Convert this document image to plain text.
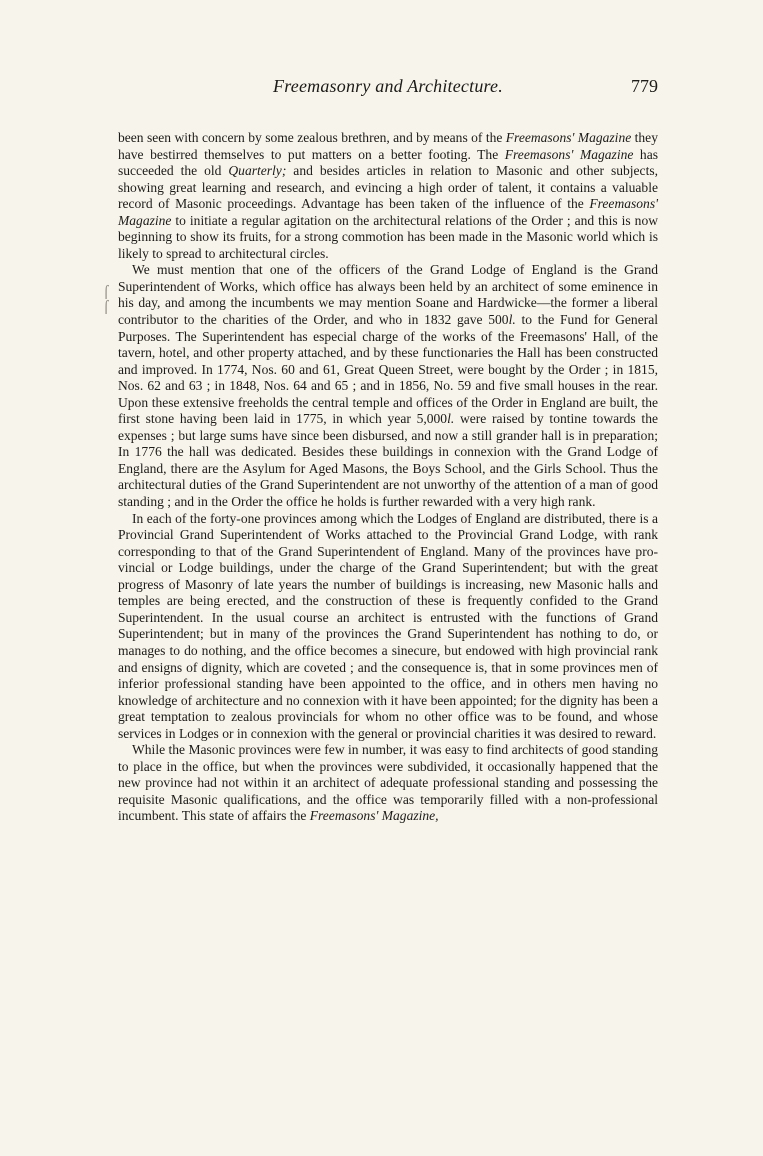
Freemasonry and Architecture.	779
⌠
⌠

been seen with concern by some zealous brethren, and by means of the Freemasons' Magazine they have bestirred themselves to put matters on a better footing. The Freemasons' Magazine has succeeded the old Quarterly; and besides articles in relation to Masonic and other subjects, showing great learning and research, and evincing a high order of talent, it contains a valuable record of Masonic proceedings. Advantage has been taken of the influence of the Freemasons' Magazine to initiate a regular agitation on the architectural relations of the Order ; and this is now beginning to show its fruits, for a strong commotion has been made in the Masonic world which is likely to spread to architectural circles.

We must mention that one of the officers of the Grand Lodge of England is the Grand Superintendent of Works, which office has always been held by an architect of some eminence in his day, and among the incumbents we may mention Soane and Hardwicke—the former a liberal contributor to the charities of the Order, and who in 1832 gave 500l. to the Fund for General Purposes. The Superintendent has especial charge of the works of the Freemasons' Hall, of the tavern, hotel, and other property attached, and by these functionaries the Hall has been constructed and improved. In 1774, Nos. 60 and 61, Great Queen Street, were bought by the Order ; in 1815, Nos. 62 and 63 ; in 1848, Nos. 64 and 65 ; and in 1856, No. 59 and five small houses in the rear. Upon these extensive freeholds the central temple and offices of the Order in England are built, the first stone having been laid in 1775, in which year 5,000l. were raised by tontine towards the expenses ; but large sums have since been disbursed, and now a still grander hall is in preparation; In 1776 the hall was dedicated. Besides these buildings in connexion with the Grand Lodge of England, there are the Asylum for Aged Masons, the Boys School, and the Girls School. Thus the architectural duties of the Grand Superintendent are not unworthy of the attention of a man of good standing ; and in the Order the office he holds is further rewarded with a very high rank.

In each of the forty-one provinces among which the Lodges of England are distributed, there is a Provincial Grand Superintendent of Works attached to the Provincial Grand Lodge, with rank corresponding to that of the Grand Superintendent of England. Many of the provinces have provincial or Lodge buildings, under the charge of the Grand Superintendent; but with the great progress of Masonry of late years the number of buildings is increasing, new Masonic halls and temples are being erected, and the construction of these is frequently confided to the Grand Superintendent. In the usual course an architect is entrusted with the functions of Grand Superintendent; but in many of the provinces the Grand Superintendent has nothing to do, or manages to do nothing, and the office becomes a sinecure, but endowed with high provincial rank and ensigns of dignity, which are coveted ; and the consequence is, that in some provinces men of inferior professional standing have been appointed to the office, and in others men having no knowledge of architecture and no connexion with it have been appointed; for the dignity has been a great temptation to zealous provincials for whom no other office was to be found, and whose services in Lodges or in connexion with the general or provincial charities it was desired to reward.

While the Masonic provinces were few in number, it was easy to find architects of good standing to place in the office, but when the provinces were subdivided, it occasionally happened that the new province had not within it an architect of adequate professional standing and possessing the requisite Masonic qualifications, and the office was temporarily filled with a non-professional incumbent. This state of affairs the Freemasons' Magazine,
